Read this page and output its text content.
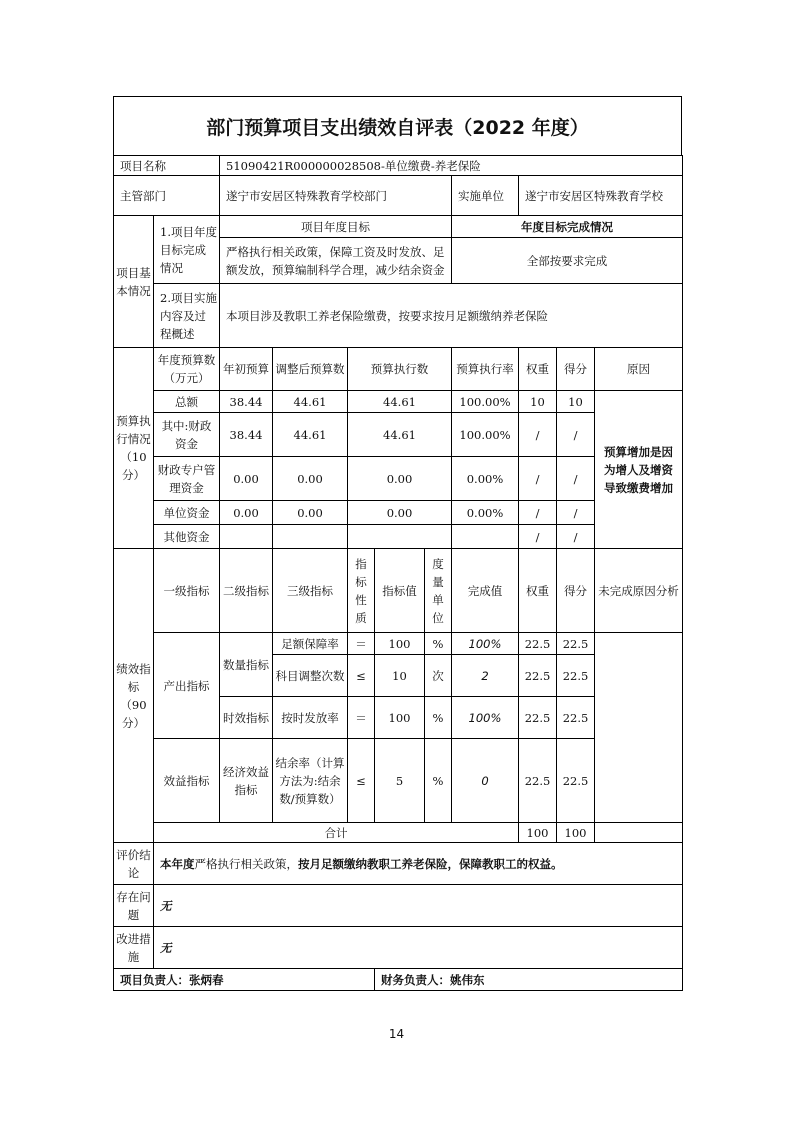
部门预算项目支出绩效自评表（2022 年度）
项目名称		51090421R000000028508-单位缴费-养老保险								
主管部门		遂宁市安居区特殊教育学校部门					实施单位	遂宁市安居区特殊教育学校		
项目基本情况	1.项目年度目标完成情况	项目年度目标					年度目标完成情况			
		严格执行相关政策，保障工资及时发放、足额发放，预算编制科学合理，减少结余资金					全部按要求完成			
	2.项目实施内容及过程概述	本项目涉及教职工养老保险缴费，按要求按月足额缴纳养老保险								
预算执行情况（10分）	年度预算数（万元）	年初预算	调整后预算数	预算执行数			预算执行率	权重	得分	原因
	总额	38.44	44.61	44.61			100.00%	10	10	预算增加是因为增人及增资导致缴费增加
	其中:财政资金	38.44	44.61	44.61			100.00%	/	/	
	财政专户管理资金	0.00	0.00	0.00			0.00%	/	/	
	单位资金	0.00	0.00	0.00			0.00%	/	/	
	其他资金							/	/	
绩效指标（90分）	一级指标	二级指标	三级指标	指标性质	指标值	度量单位	完成值	权重	得分	未完成原因分析
	产出指标	数量指标	足额保障率	＝	100	%	100%	22.5	22.5	
			科目调整次数	≤	10	次	2	22.5	22.5	
		时效指标	按时发放率	＝	100	%	100%	22.5	22.5	
	效益指标	经济效益指标	结余率（计算方法为:结余数/预算数）	≤	5	%	0	22.5	22.5	
	合计							100	100	
评价结论	本年度严格执行相关政策，按月足额缴纳教职工养老保险，保障教职工的权益。									
存在问题	无									
改进措施	无									
项目负责人：张炳春					财务负责人：姚伟东					
14
